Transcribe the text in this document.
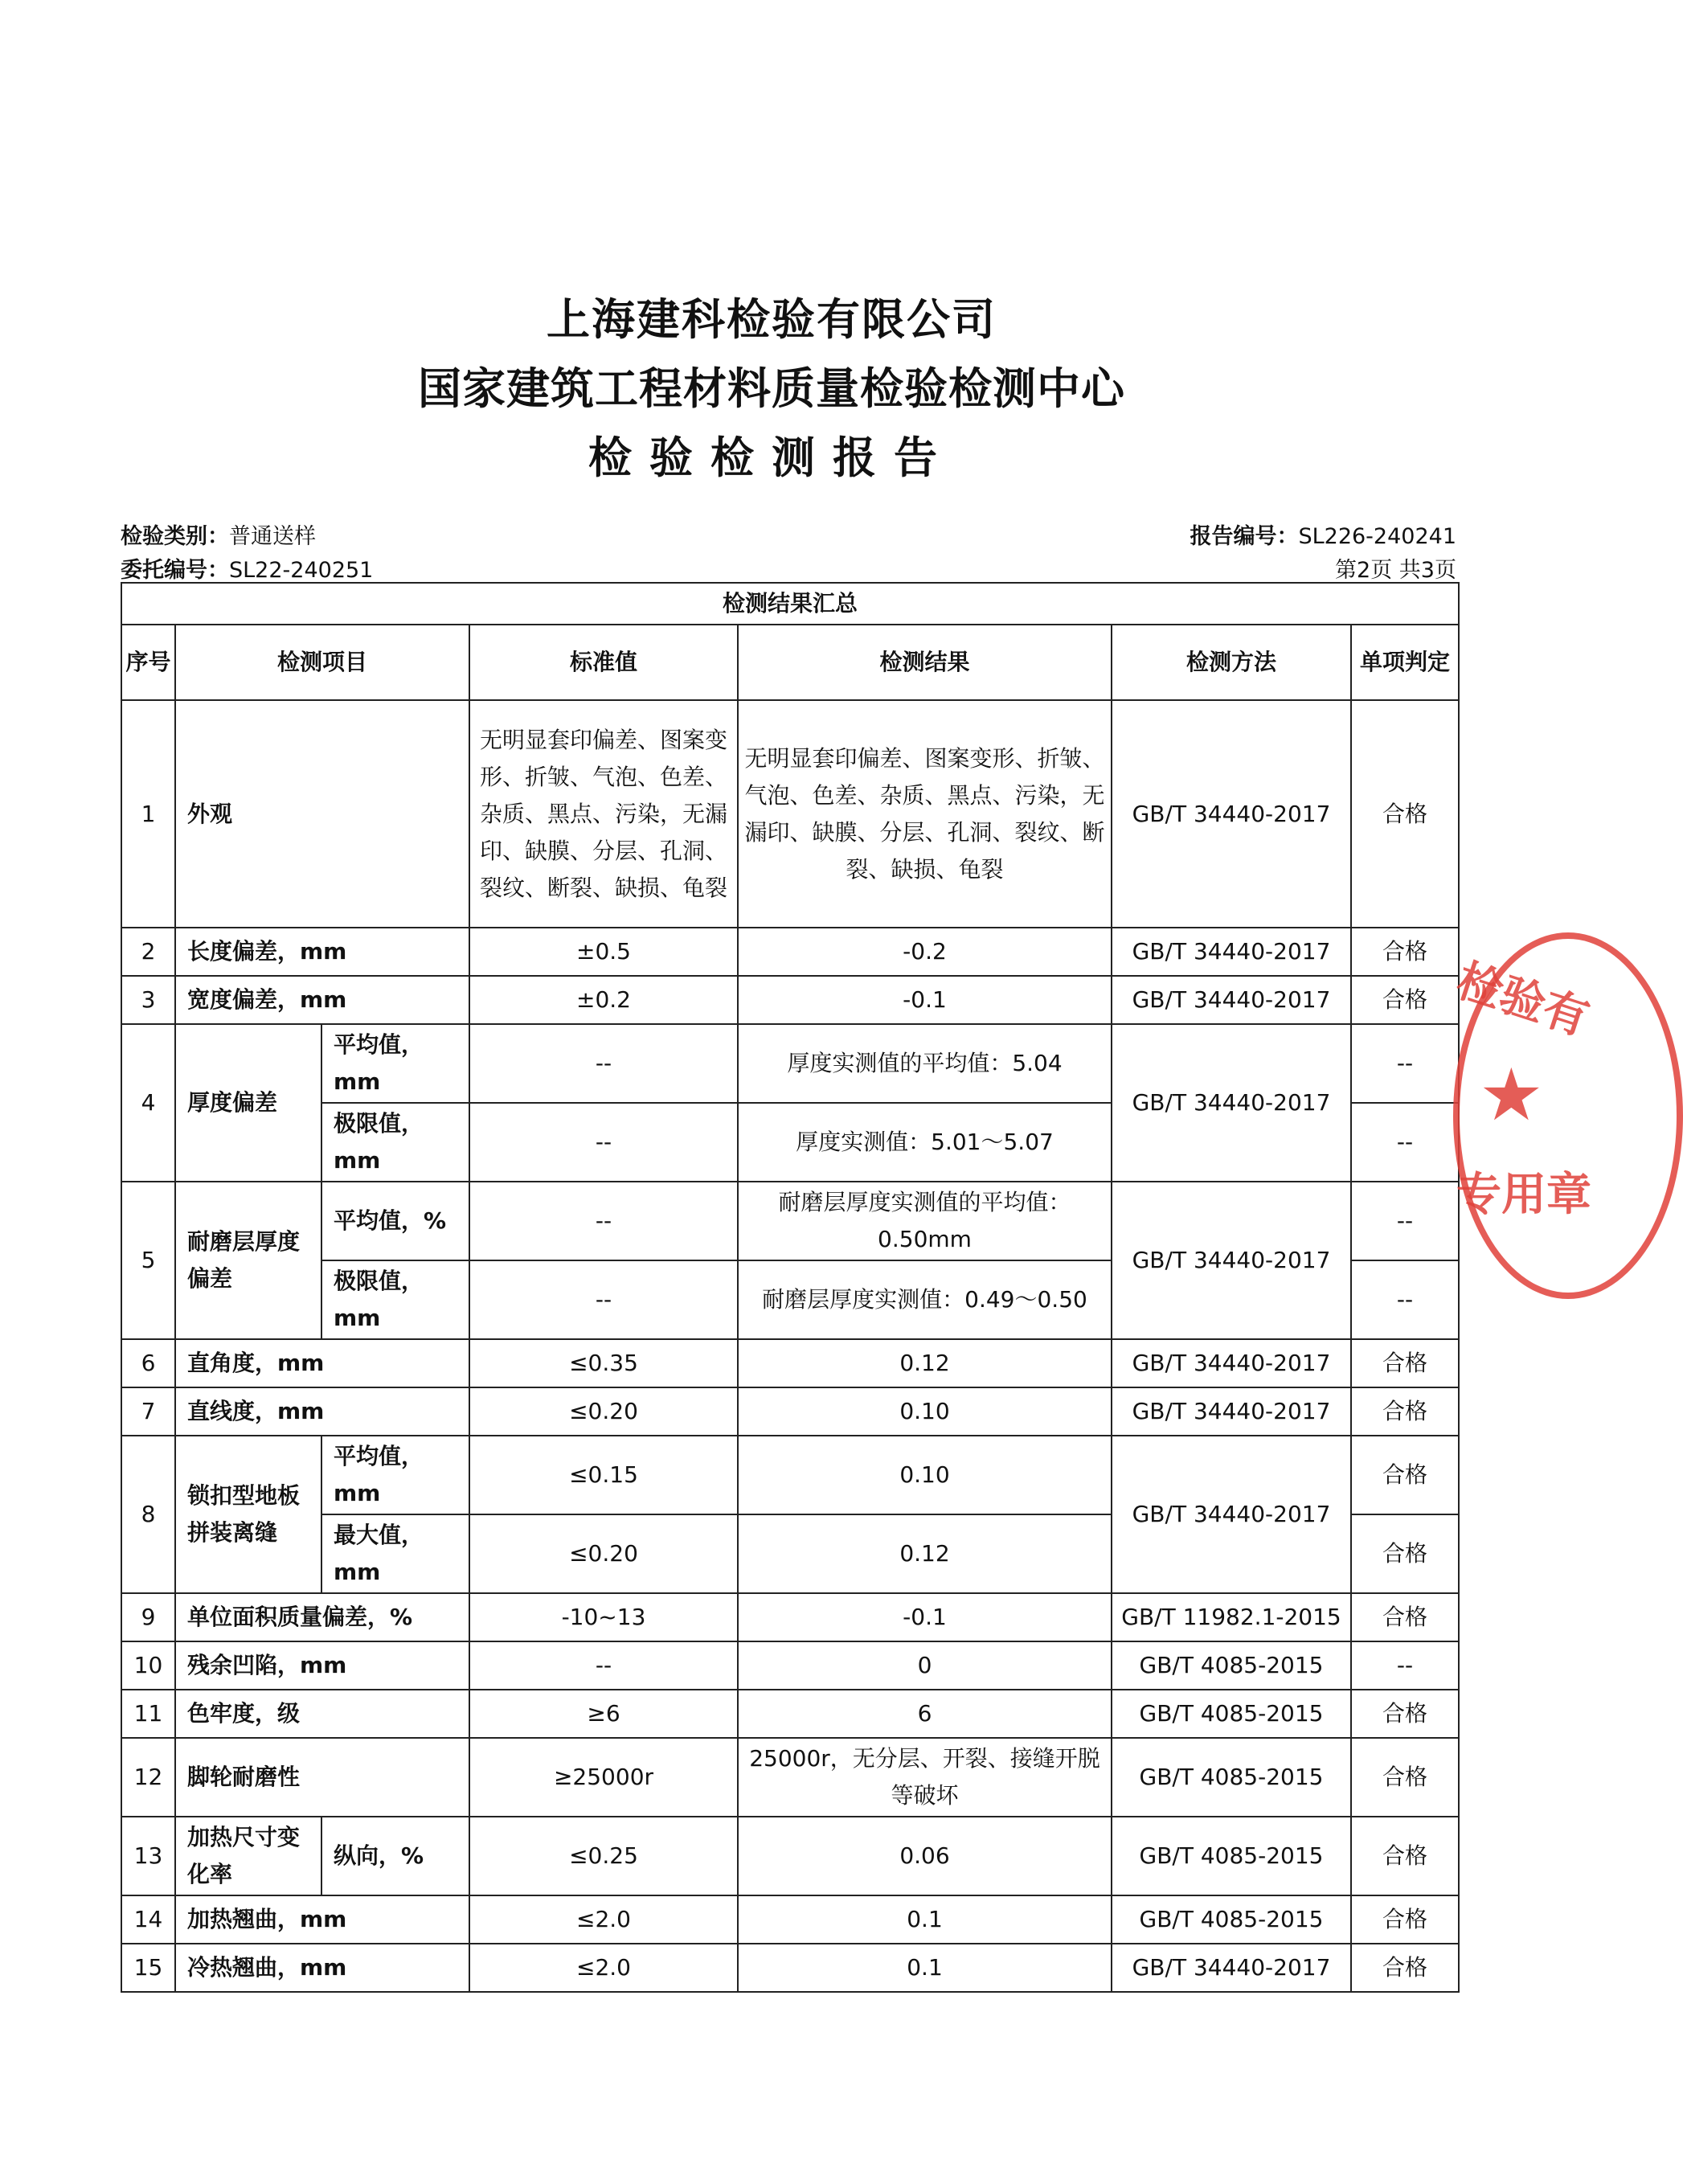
上海建科检验有限公司
国家建筑工程材料质量检验检测中心
检验检测报告
检验类别：普通送样
委托编号：SL22-240251
报告编号：SL226-240241
第2页 共3页
检测结果汇总						
序号	检测项目		标准值	检测结果	检测方法	单项判定
1	外观		无明显套印偏差、图案变形、折皱、气泡、色差、杂质、黑点、污染，无漏印、缺膜、分层、孔洞、裂纹、断裂、缺损、龟裂	无明显套印偏差、图案变形、折皱、气泡、色差、杂质、黑点、污染，无漏印、缺膜、分层、孔洞、裂纹、断裂、缺损、龟裂	GB/T 34440-2017	合格
2	长度偏差，mm		±0.5	-0.2	GB/T 34440-2017	合格
3	宽度偏差，mm		±0.2	-0.1	GB/T 34440-2017	合格
4	厚度偏差	平均值，mm	--	厚度实测值的平均值：5.04	GB/T 34440-2017	--
		极限值，mm	--	厚度实测值：5.01～5.07		--
5	耐磨层厚度偏差	平均值，%	--	耐磨层厚度实测值的平均值：0.50mm	GB/T 34440-2017	--
		极限值，mm	--	耐磨层厚度实测值：0.49～0.50		--
6	直角度，mm		≤0.35	0.12	GB/T 34440-2017	合格
7	直线度，mm		≤0.20	0.10	GB/T 34440-2017	合格
8	锁扣型地板拼装离缝	平均值，mm	≤0.15	0.10	GB/T 34440-2017	合格
		最大值，mm	≤0.20	0.12		合格
9	单位面积质量偏差，%		-10~13	-0.1	GB/T 11982.1-2015	合格
10	残余凹陷，mm		--	0	GB/T 4085-2015	--
11	色牢度，级		≥6	6	GB/T 4085-2015	合格
12	脚轮耐磨性		≥25000r	25000r，无分层、开裂、接缝开脱等破坏	GB/T 4085-2015	合格
13	加热尺寸变化率	纵向，%	≤0.25	0.06	GB/T 4085-2015	合格
14	加热翘曲，mm		≤2.0	0.1	GB/T 4085-2015	合格
15	冷热翘曲，mm		≤2.0	0.1	GB/T 34440-2017	合格
★
检验有
专用章
